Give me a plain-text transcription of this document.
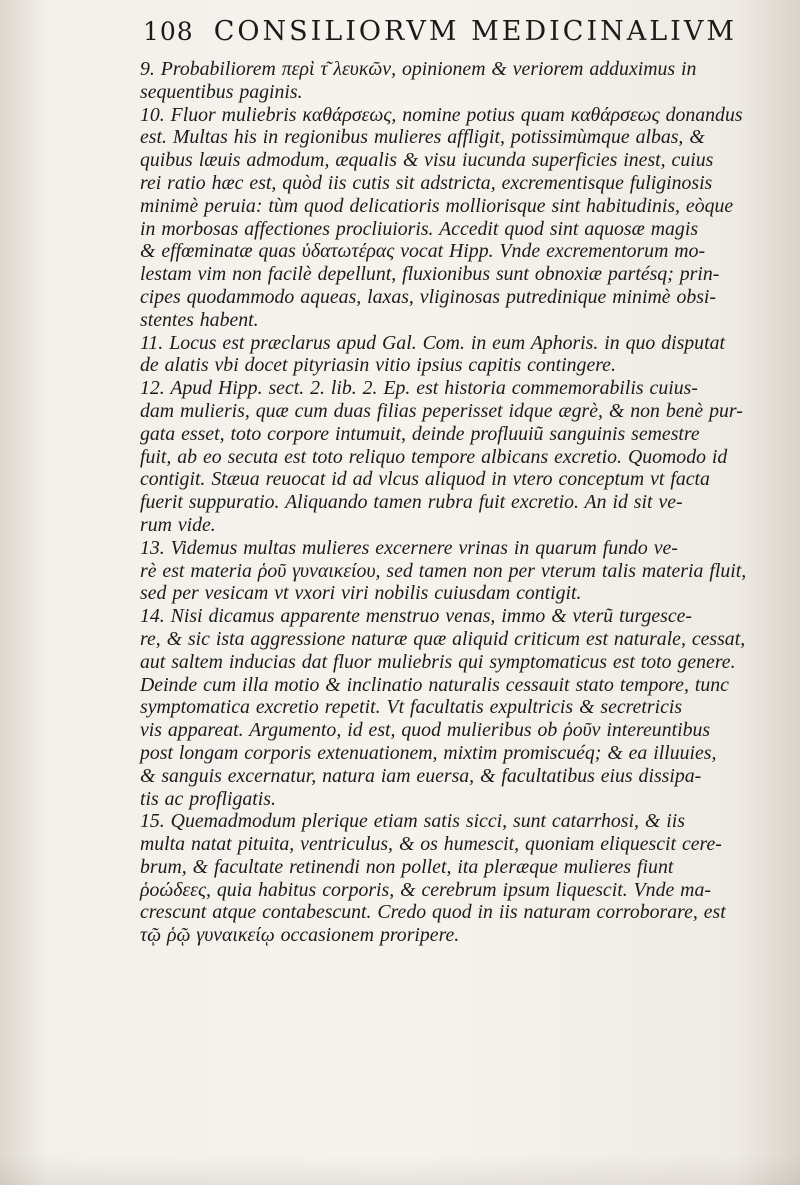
108 CONSILIORVM MEDICINALIVM
9. Probabiliorem περὶ τ͂ λευκῶν, opinionem & veriorem adduximus in
sequentibus paginis.
10. Fluor muliebris καθάρσεως, nomine potius quam καθάρσεως donandus
est. Multas his in regionibus mulieres affligit, potissimùmque albas, &
quibus læuis admodum, æqualis & visu iucunda superficies inest, cuius
rei ratio hæc est, quòd iis cutis sit adstricta, excrementisque fuliginosis
minimè peruia: tùm quod delicatioris molliorisque sint habitudinis, eòque
in morbosas affectiones procliuioris. Accedit quod sint aquosæ magis
& effœminatæ quas ὑδατωτέρας vocat Hipp. Vnde excrementorum mo-
lestam vim non facilè depellunt, fluxionibus sunt obnoxiæ partésq; prin-
cipes quodammodo aqueas, laxas, vliginosas putredinique minimè obsi-
stentes habent.
11. Locus est præclarus apud Gal. Com. in eum Aphoris. in quo disputat
de alatis vbi docet pityriasin vitio ipsius capitis contingere.
12. Apud Hipp. sect. 2. lib. 2. Ep. est historia commemorabilis cuius-
dam mulieris, quæ cum duas filias peperisset idque ægrè, & non benè pur-
gata esset, toto corpore intumuit, deinde profluuiũ sanguinis semestre
fuit, ab eo secuta est toto reliquo tempore albicans excretio. Quomodo id
contigit. Stæua reuocat id ad vlcus aliquod in vtero conceptum vt facta
fuerit suppuratio. Aliquando tamen rubra fuit excretio. An id sit ve-
rum vide.
13. Videmus multas mulieres excernere vrinas in quarum fundo ve-
rè est materia ῥοῦ γυναικείου, sed tamen non per vterum talis materia fluit,
sed per vesicam vt vxori viri nobilis cuiusdam contigit.
14. Nisi dicamus apparente menstruo venas, immo & vterũ turgesce-
re, & sic ista aggressione naturæ quæ aliquid criticum est naturale, cessat,
aut saltem inducias dat fluor muliebris qui symptomaticus est toto genere.
Deinde cum illa motio & inclinatio naturalis cessauit stato tempore, tunc
symptomatica excretio repetit. Vt facultatis expultricis & secretricis
vis appareat. Argumento, id est, quod mulieribus ob ῥοῦν intereuntibus
post longam corporis extenuationem, mixtim promiscuéq; & ea illuuies,
& sanguis excernatur, natura iam euersa, & facultatibus eius dissipa-
tis ac profligatis.
15. Quemadmodum plerique etiam satis sicci, sunt catarrhosi, & iis
multa natat pituita, ventriculus, & os humescit, quoniam eliquescit cere-
brum, & facultate retinendi non pollet, ita pleræque mulieres fiunt
ῥοώδεες, quia habitus corporis, & cerebrum ipsum liquescit. Vnde ma-
crescunt atque contabescunt. Credo quod in iis naturam corroborare, est
τῷ ῥῷ γυναικείῳ occasionem proripere.
